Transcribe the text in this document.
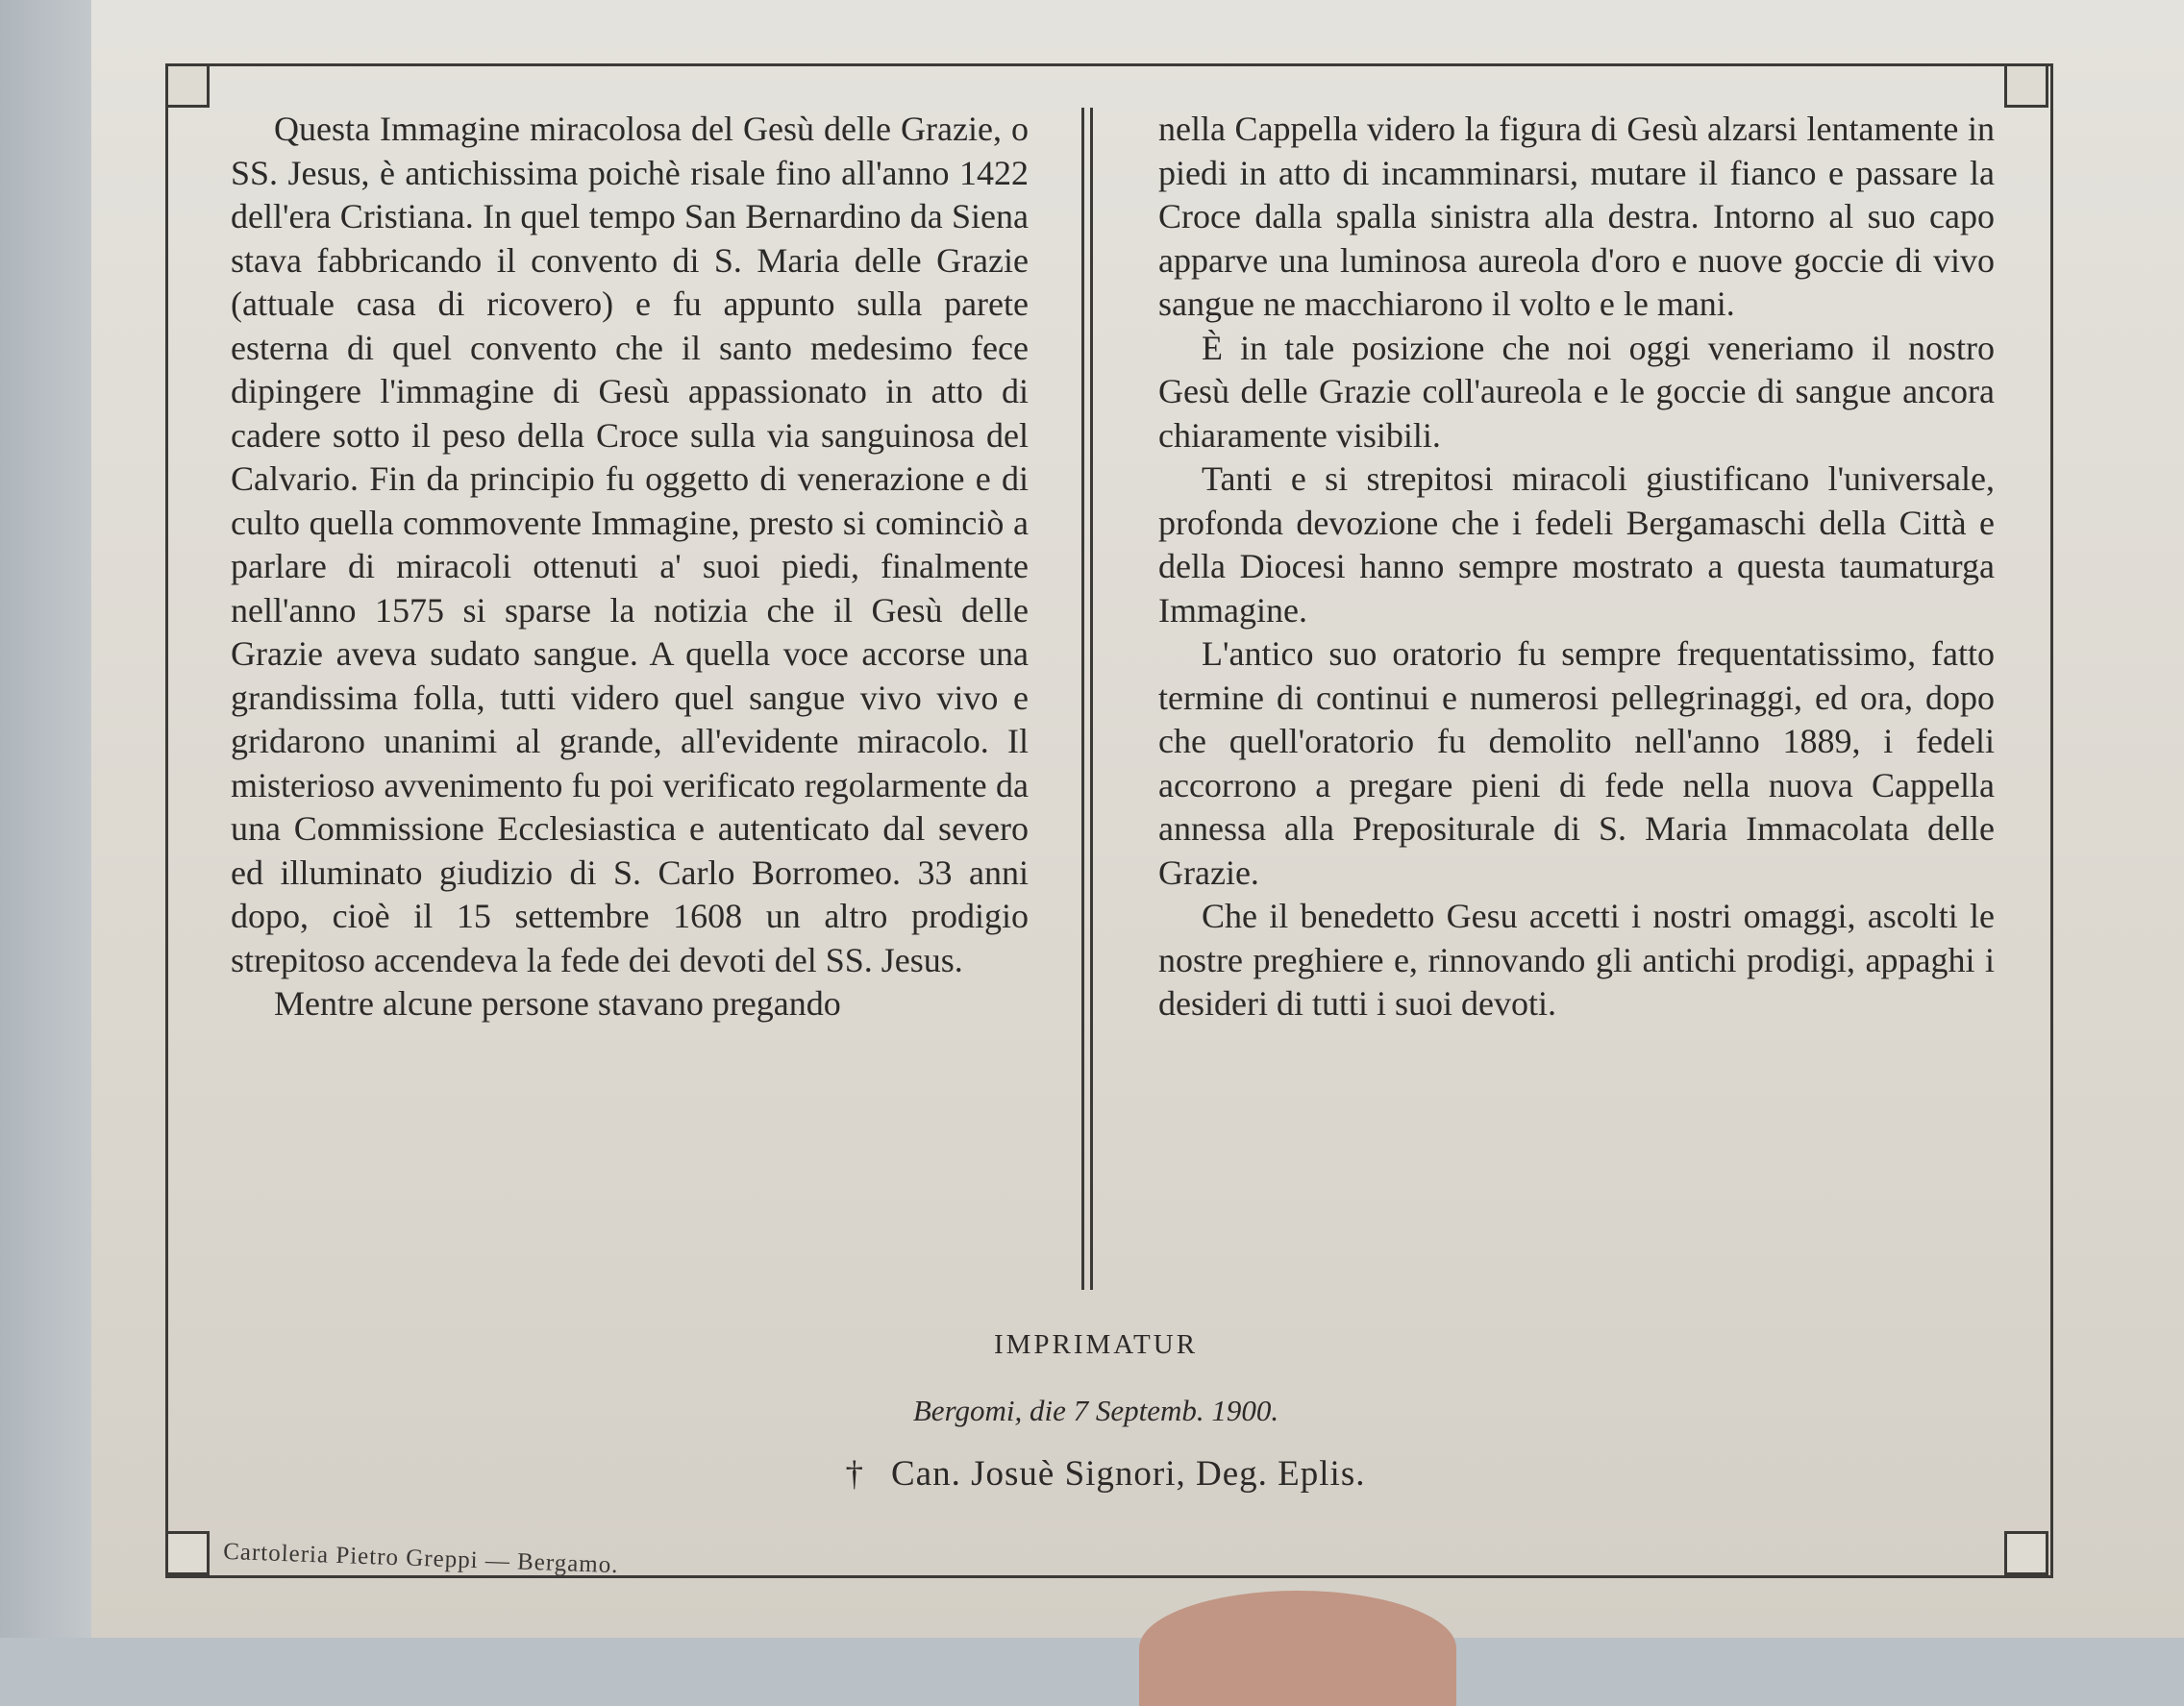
Questa Immagine miracolosa del Gesù delle Grazie, o SS. Jesus, è antichissima poichè risale fino all'anno 1422 dell'era Cristiana. In quel tempo San Bernardino da Siena stava fabbricando il convento di S. Maria delle Grazie (attuale casa di ricovero) e fu appunto sulla parete esterna di quel convento che il santo medesimo fece dipingere l'immagine di Gesù appassionato in atto di cadere sotto il peso della Croce sulla via sanguinosa del Calvario. Fin da principio fu oggetto di venerazione e di culto quella commovente Immagine, presto si cominciò a parlare di miracoli ottenuti a' suoi piedi, finalmente nell'anno 1575 si sparse la notizia che il Gesù delle Grazie aveva sudato sangue. A quella voce accorse una grandissima folla, tutti videro quel sangue vivo vivo e gridarono unanimi al grande, all'evidente miracolo. Il misterioso avvenimento fu poi verificato regolarmente da una Commissione Ecclesiastica e autenticato dal severo ed illuminato giudizio di S. Carlo Borromeo. 33 anni dopo, cioè il 15 settembre 1608 un altro prodigio strepitoso accendeva la fede dei devoti del SS. Jesus.

Mentre alcune persone stavano pregando

nella Cappella videro la figura di Gesù alzarsi lentamente in piedi in atto di incamminarsi, mutare il fianco e passare la Croce dalla spalla sinistra alla destra. Intorno al suo capo apparve una luminosa aureola d'oro e nuove goccie di vivo sangue ne macchiarono il volto e le mani.

È in tale posizione che noi oggi veneriamo il nostro Gesù delle Grazie coll'aureola e le goccie di sangue ancora chiaramente visibili.

Tanti e si strepitosi miracoli giustificano l'universale, profonda devozione che i fedeli Bergamaschi della Città e della Diocesi hanno sempre mostrato a questa taumaturga Immagine.

L'antico suo oratorio fu sempre frequentatissimo, fatto termine di continui e numerosi pellegrinaggi, ed ora, dopo che quell'oratorio fu demolito nell'anno 1889, i fedeli accorrono a pregare pieni di fede nella nuova Cappella annessa alla Prepositurale di S. Maria Immacolata delle Grazie.

Che il benedetto Gesu accetti i nostri omaggi, ascolti le nostre preghiere e, rinnovando gli antichi prodigi, appaghi i desideri di tutti i suoi devoti.

IMPRIMATUR
Bergomi, die 7 Septemb. 1900.
† Can. Josuè Signori, Deg. Eplis.
Cartoleria Pietro Greppi — Bergamo.
